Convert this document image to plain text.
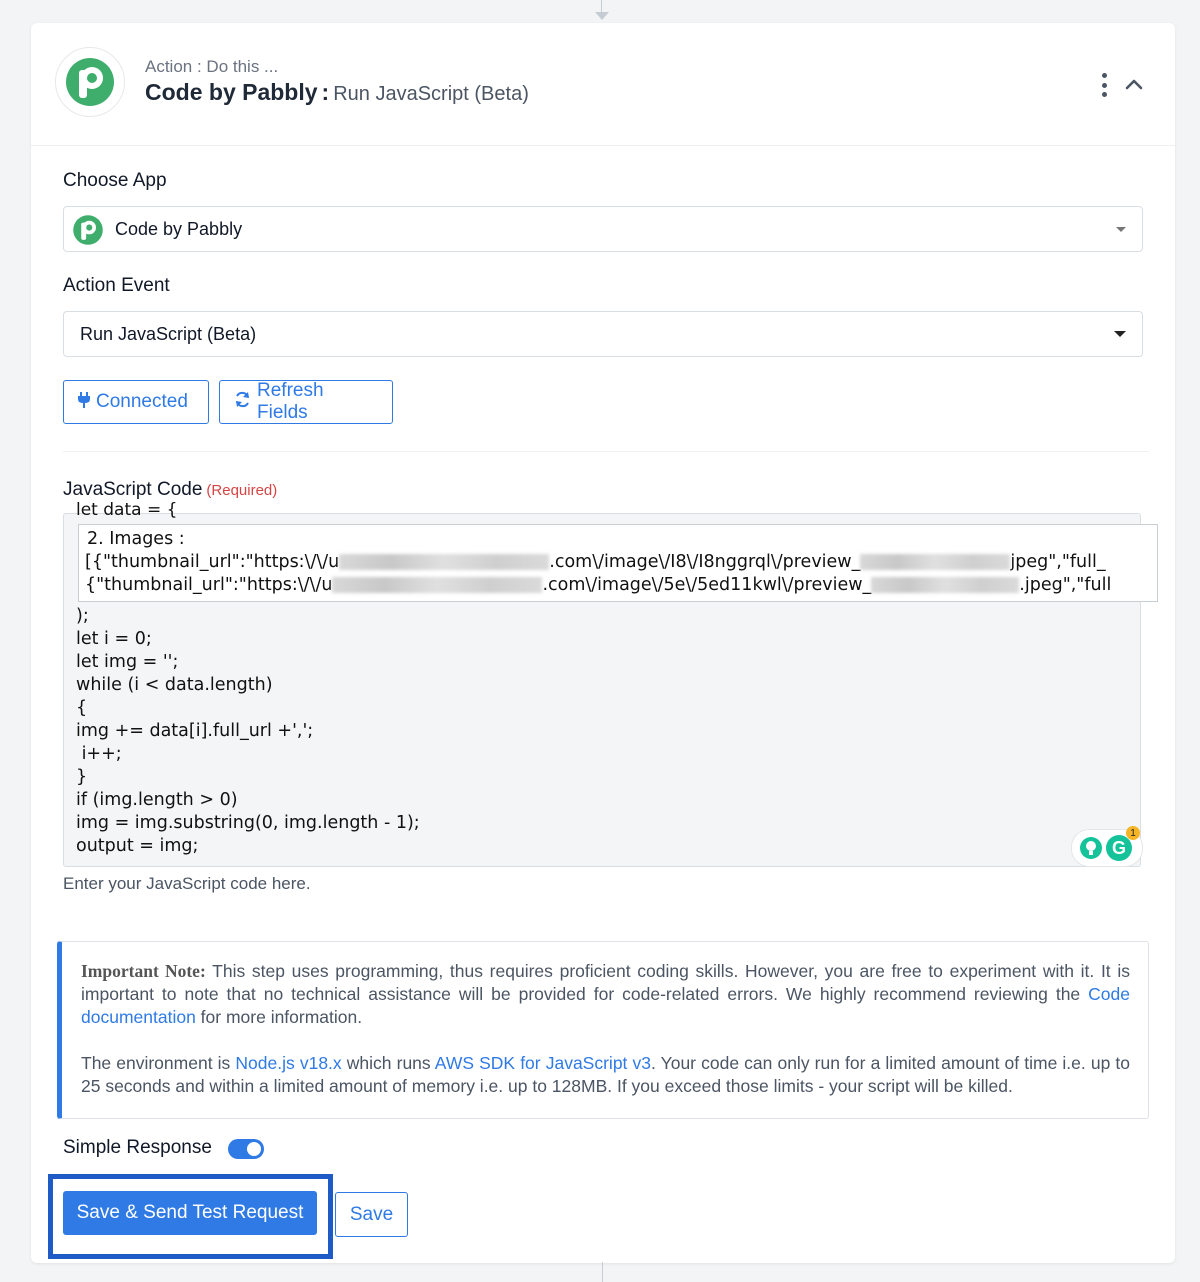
Action : Do this ...
Code by Pabbly : Run JavaScript (Beta)
Choose App
Code by Pabbly
Action Event
Run JavaScript (Beta)
Connected
Refresh Fields
JavaScript Code (Required)
let data = {
2. Images :
[{"thumbnail_url":"https:\/\/u	.com\/image\/I8\/I8nggrql\/preview_	jpeg","full_
{"thumbnail_url":"https:\/\/u	.com\/image\/5e\/5ed11kwl\/preview_	.jpeg","full
);
let i = 0;
let img = '';
while (i < data.length)
{
img += data[i].full_url +',';
i++;
}
if (img.length > 0)
img = img.substring(0, img.length - 1);
output = img;	G
1
Enter your JavaScript code here.

Important Note: This step uses programming, thus requires proficient coding skills. However, you are free to experiment with it. It is important to note that no technical assistance will be provided for code-related errors. We highly recommend reviewing the Code documentation for more information.

The environment is Node.js v18.x which runs AWS SDK for JavaScript v3. Your code can only run for a limited amount of time i.e. up to 25 seconds and within a limited amount of memory i.e. up to 128MB. If you exceed those limits - your script will be killed.

Simple Response
Save & Send Test Request	Save
